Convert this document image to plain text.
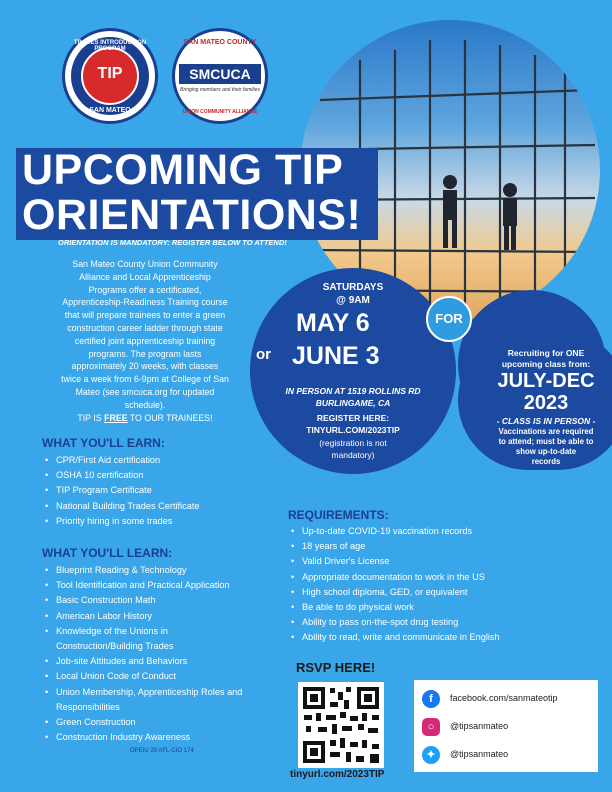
TRADES INTRODUCTION PROGRAM
TIP
SAN MATEO
SAN MATEO COUNTY
SMCUCA
Bringing members and their families
UNION COMMUNITY ALLIANCE
UPCOMING TIP
ORIENTATIONS!
ORIENTATION IS MANDATORY: REGISTER BELOW TO ATTEND!
San Mateo County Union Community
Alliance and Local Apprenticeship
Programs offer a certificated,
Apprenticeship-Readiness Training course
that will prepare trainees to enter a green
construction career ladder through state
certified joint apprenticeship training
programs. The program lasts
approximately 20 weeks, with classes
twice a week from 6-9pm at College of San
Mateo (see smcuca.org for updated
schedule).
TIP IS FREE TO OUR TRAINEES!
WHAT YOU'LL EARN:
• CPR/First Aid certification
• OSHA 10 certification
• TIP Program Certificate
• National Building Trades Certificate
• Priority hiring in some trades
WHAT YOU'LL LEARN:
• Blueprint Reading & Technology
• Tool Identification and Practical Application
• Basic Construction Math
• American Labor History
• Knowledge of the Unions in
Construction/Building Trades
• Job-site Attitudes and Behaviors
• Local Union Code of Conduct
• Union Membership, Apprenticeship Roles and
Responsibilities
• Green Construction
• Construction Industry Awareness
SATURDAYS
@ 9AM
MAY 6
or JUNE 3
IN PERSON AT 1519 ROLLINS RD
BURLINGAME, CA
REGISTER HERE:
TINYURL.COM/2023TIP
(registration is not
mandatory)
FOR
Recruiting for ONE
upcoming class from:
JULY-DEC
2023
- CLASS IS IN PERSON -
Vaccinations are required
to attend; must be able to
show up-to-date
records
REQUIREMENTS:
• Up-to-date COVID-19 vaccination records
• 18 years of age
• Valid Driver's License
• Appropriate documentation to work in the US
• High school diploma, GED, or equivalent
• Be able to do physical work
• Ability to pass on-the-spot drug testing
• Ability to read, write and communicate in English
RSVP HERE!
tinyurl.com/2023TIP
f facebook.com/sanmateotip
○ @tipsanmateo
✦ @tipsanmateo
OPEIU 29 AFL-CIO 174
